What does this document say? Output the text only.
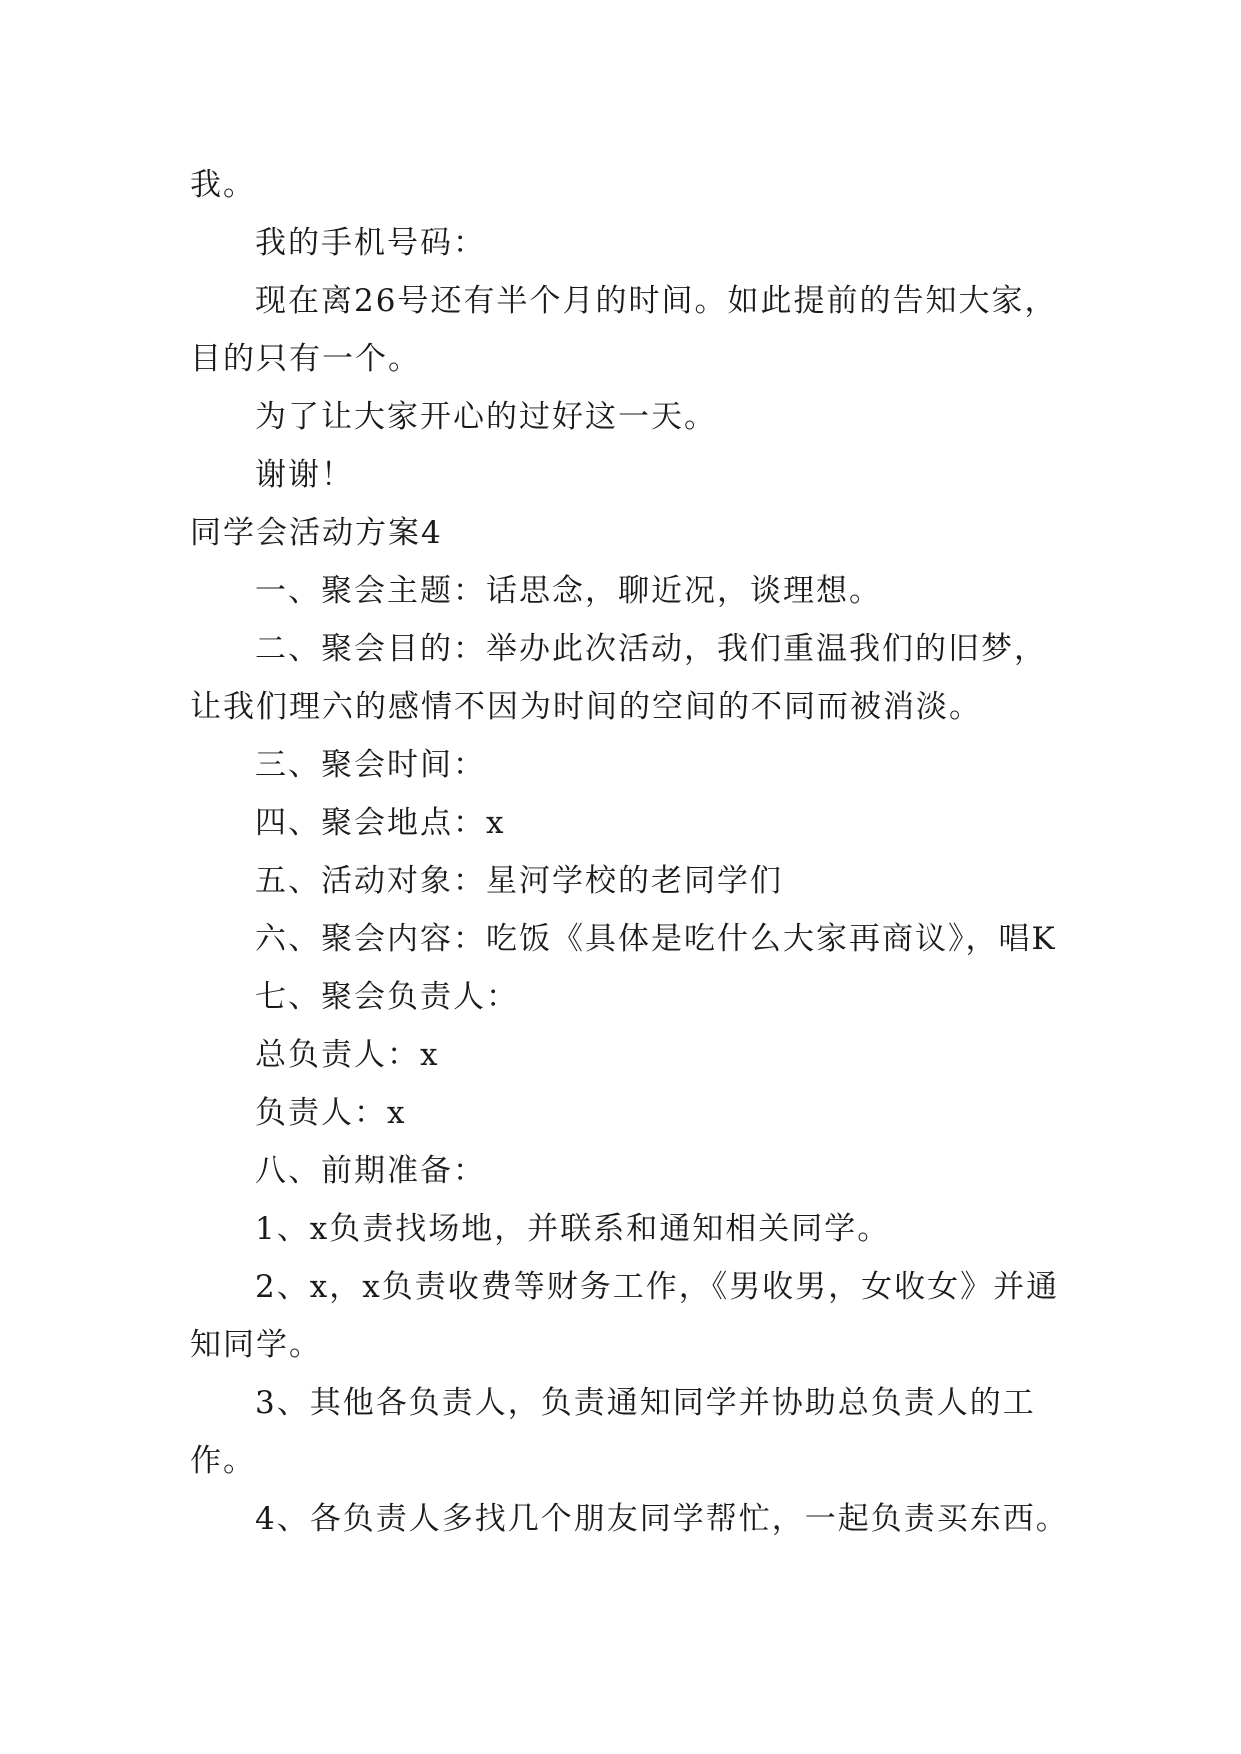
我。

我的手机号码：

现在离26号还有半个月的时间。如此提前的告知大家，目的只有一个。

为了让大家开心的过好这一天。

谢谢！

同学会活动方案4

一、聚会主题：话思念，聊近况，谈理想。

二、聚会目的：举办此次活动，我们重温我们的旧梦，让我们理六的感情不因为时间的空间的不同而被消淡。

三、聚会时间：

四、聚会地点：x

五、活动对象：星河学校的老同学们

六、聚会内容：吃饭《具体是吃什么大家再商议》，唱K

七、聚会负责人：

总负责人：x

负责人：x

八、前期准备：

1、x负责找场地，并联系和通知相关同学。

2、x，x负责收费等财务工作，《男收男，女收女》并通知同学。

3、其他各负责人，负责通知同学并协助总负责人的工作。

4、各负责人多找几个朋友同学帮忙，一起负责买东西。
